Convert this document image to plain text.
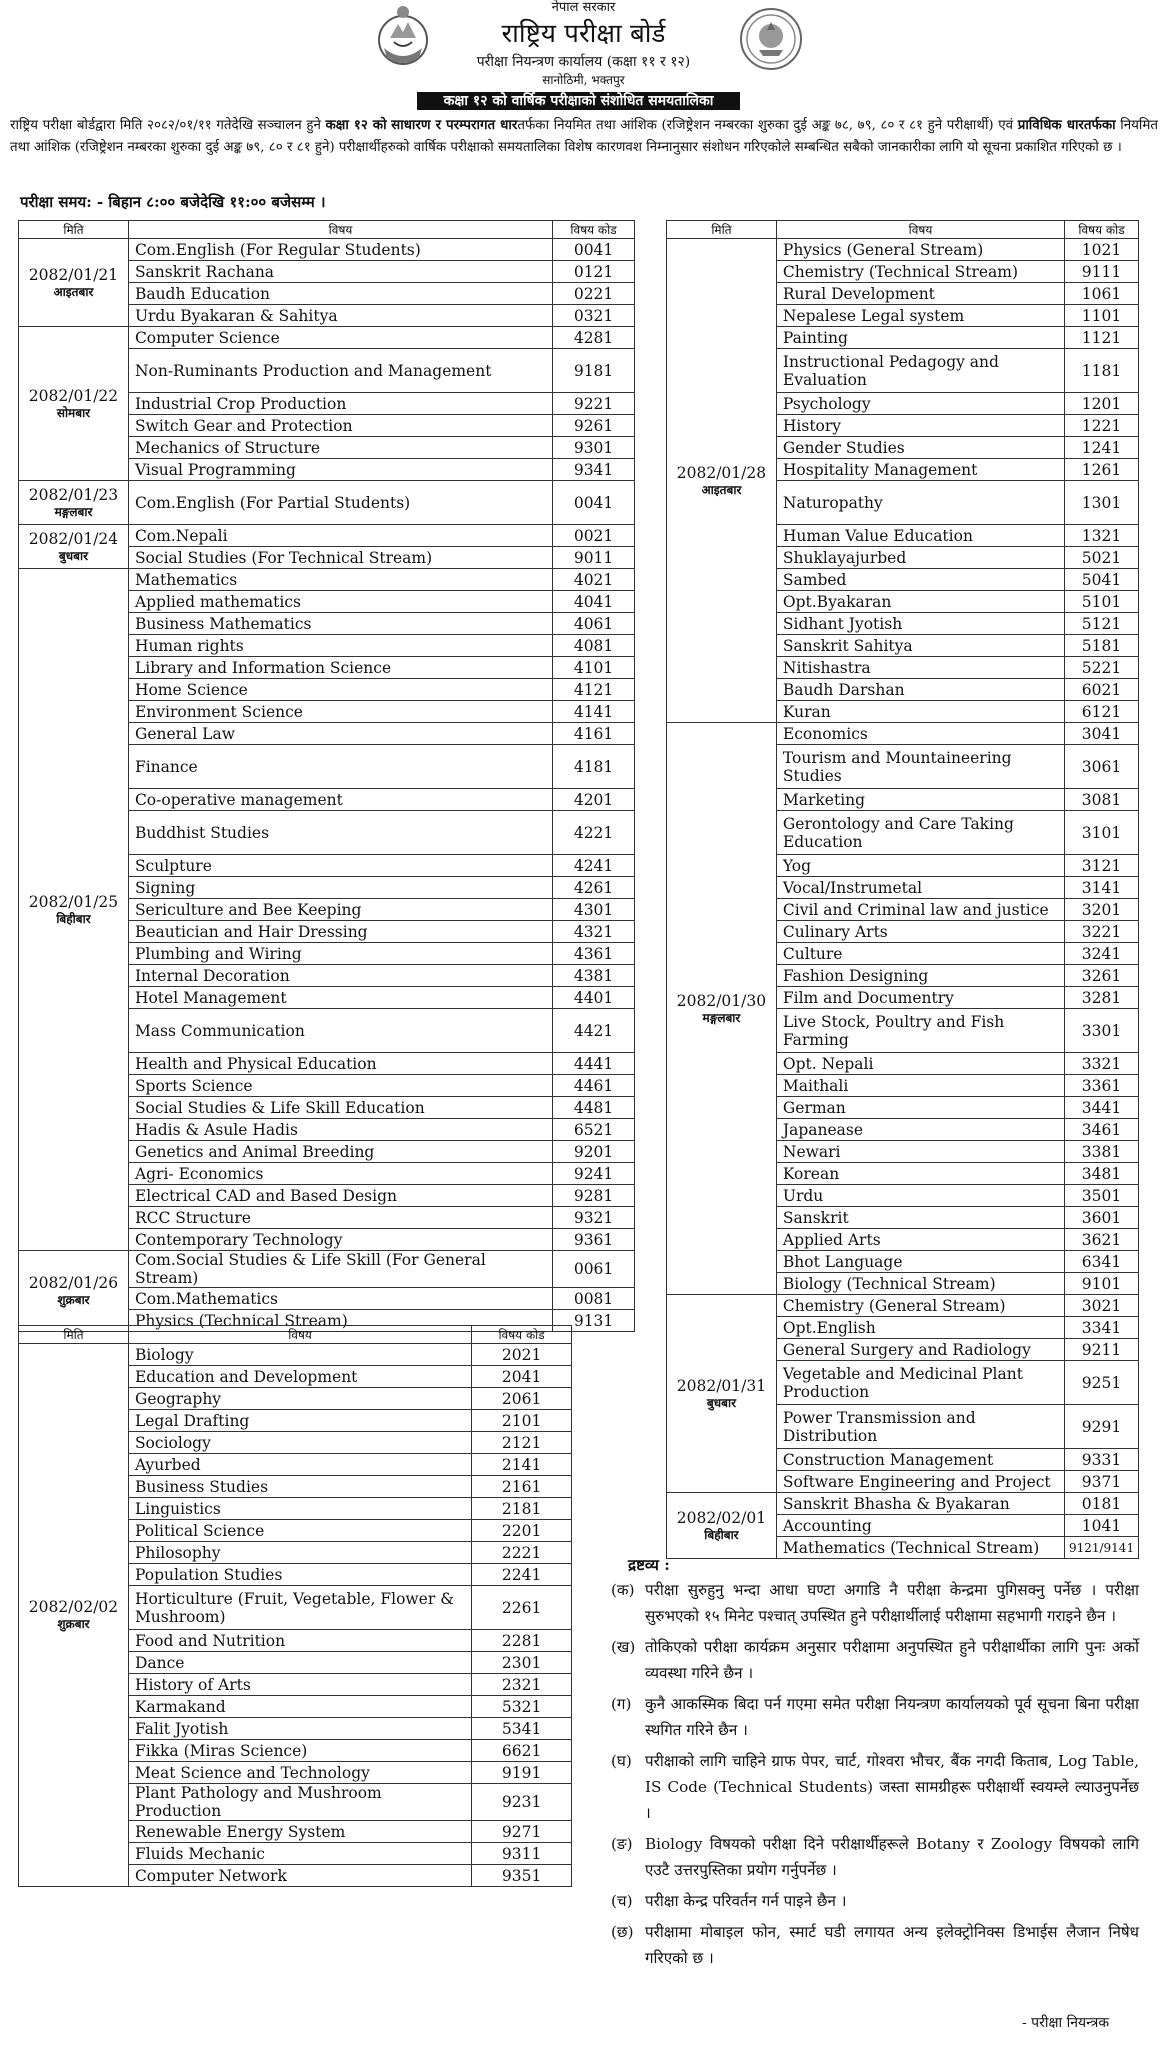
नेपाल सरकार
राष्ट्रिय परीक्षा बोर्ड
परीक्षा नियन्त्रण कार्यालय (कक्षा ११ र १२)
सानोठिमी, भक्तपुर
कक्षा १२ को वार्षिक परीक्षाको संशोधित समयतालिका
राष्ट्रिय परीक्षा बोर्डद्वारा मिति २०८२/०१/११ गतेदेखि सञ्चालन हुने कक्षा १२ को साधारण र परम्परागत धारतर्फका नियमित तथा आंशिक (रजिष्ट्रेशन नम्बरका शुरुका दुई अङ्क ७८, ७९, ८० र ८१ हुने परीक्षार्थी) एवं प्राविधिक धारतर्फका नियमित तथा आंशिक (रजिष्ट्रेशन नम्बरका शुरुका दुई अङ्क ७९, ८० र ८१ हुने) परीक्षार्थीहरुको वार्षिक परीक्षाको समयतालिका विशेष कारणवश निम्नानुसार संशोधन गरिएकोले सम्बन्धित सबैको जानकारीका लागि यो सूचना प्रकाशित गरिएको छ ।
परीक्षा समय: - बिहान ८:०० बजेदेखि ११:०० बजेसम्म ।
मिति	विषय	विषय कोड

2082/01/21
आइतबार	Com.English (For Regular Students)	0041
	Sanskrit Rachana	0121
	Baudh Education	0221
	Urdu Byakaran & Sahitya	0321

2082/01/22
सोमबार	Computer Science	4281
	Non-Ruminants Production and Management	9181
	Industrial Crop Production	9221
	Switch Gear and Protection	9261
	Mechanics of Structure	9301
	Visual Programming	9341

2082/01/23
मङ्गलबार	Com.English (For Partial Students)	0041

2082/01/24
बुधबार	Com.Nepali	0021
	Social Studies (For Technical Stream)	9011

2082/01/25
बिहीबार	Mathematics	4021
	Applied mathematics	4041
	Business Mathematics	4061
	Human rights	4081
	Library and Information Science	4101
	Home Science	4121
	Environment Science	4141
	General Law	4161
	Finance	4181
	Co-operative management	4201
	Buddhist Studies	4221
	Sculpture	4241
	Signing	4261
	Sericulture and Bee Keeping	4301
	Beautician and Hair Dressing	4321
	Plumbing and Wiring	4361
	Internal Decoration	4381
	Hotel Management	4401
	Mass Communication	4421
	Health and Physical Education	4441
	Sports Science	4461
	Social Studies & Life Skill Education	4481
	Hadis & Asule Hadis	6521
	Genetics and Animal Breeding	9201
	Agri- Economics	9241
	Electrical CAD and Based Design	9281
	RCC Structure	9321
	Contemporary Technology	9361

2082/01/26
शुक्रबार	Com.Social Studies & Life Skill (For General Stream)	0061
	Com.Mathematics	0081
	Physics (Technical Stream)	9131
मिति	विषय	विषय कोड

2082/01/28
आइतबार	Physics (General Stream)	1021
	Chemistry (Technical Stream)	9111
	Rural Development	1061
	Nepalese Legal system	1101
	Painting	1121
	Instructional Pedagogy and Evaluation	1181
	Psychology	1201
	History	1221
	Gender Studies	1241
	Hospitality Management	1261
	Naturopathy	1301
	Human Value Education	1321
	Shuklayajurbed	5021
	Sambed	5041
	Opt.Byakaran	5101
	Sidhant Jyotish	5121
	Sanskrit Sahitya	5181
	Nitishastra	5221
	Baudh Darshan	6021
	Kuran	6121

2082/01/30
मङ्गलबार	Economics	3041
	Tourism and Mountaineering Studies	3061
	Marketing	3081
	Gerontology and Care Taking Education	3101
	Yog	3121
	Vocal/Instrumetal	3141
	Civil and Criminal law and justice	3201
	Culinary Arts	3221
	Culture	3241
	Fashion Designing	3261
	Film and Documentry	3281
	Live Stock, Poultry and Fish Farming	3301
	Opt. Nepali	3321
	Maithali	3361
	German	3441
	Japanease	3461
	Newari	3381
	Korean	3481
	Urdu	3501
	Sanskrit	3601
	Applied Arts	3621
	Bhot Language	6341
	Biology (Technical Stream)	9101

2082/01/31
बुधबार	Chemistry (General Stream)	3021
	Opt.English	3341
	General Surgery and Radiology	9211
	Vegetable and Medicinal Plant Production	9251
	Power Transmission and Distribution	9291
	Construction Management	9331
	Software Engineering and Project	9371

2082/02/01
बिहीबार	Sanskrit Bhasha & Byakaran	0181
	Accounting	1041
	Mathematics (Technical Stream)	9121/9141
मिति	विषय	विषय कोड

2082/02/02
शुक्रबार	Biology	2021
	Education and Development	2041
	Geography	2061
	Legal Drafting	2101
	Sociology	2121
	Ayurbed	2141
	Business Studies	2161
	Linguistics	2181
	Political Science	2201
	Philosophy	2221
	Population Studies	2241
	Horticulture (Fruit, Vegetable, Flower & Mushroom)	2261
	Food and Nutrition	2281
	Dance	2301
	History of Arts	2321
	Karmakand	5321
	Falit Jyotish	5341
	Fikka (Miras Science)	6621
	Meat Science and Technology	9191
	Plant Pathology and Mushroom Production	9231
	Renewable Energy System	9271
	Fluids Mechanic	9311
	Computer Network	9351
द्रष्टव्य :
(क) परीक्षा सुरुहुनु भन्दा आधा घण्टा अगाडि नै परीक्षा केन्द्रमा पुगिसक्नु पर्नेछ । परीक्षा सुरुभएको १५ मिनेट पश्चात् उपस्थित हुने परीक्षार्थीलाई परीक्षामा सहभागी गराइने छैन ।
(ख) तोकिएको परीक्षा कार्यक्रम अनुसार परीक्षामा अनुपस्थित हुने परीक्षार्थीका लागि पुनः अर्को व्यवस्था गरिने छैन ।
(ग) कुनै आकस्मिक बिदा पर्न गएमा समेत परीक्षा नियन्त्रण कार्यालयको पूर्व सूचना बिना परीक्षा स्थगित गरिने छैन ।
(घ) परीक्षाको लागि चाहिने ग्राफ पेपर, चार्ट, गोश्वरा भौचर, बैंक नगदी किताब, Log Table, IS Code (Technical Students) जस्ता सामग्रीहरू परीक्षार्थी स्वयम्ले ल्याउनुपर्नेछ ।
(ङ) Biology विषयको परीक्षा दिने परीक्षार्थीहरूले Botany र Zoology विषयको लागि एउटै उत्तरपुस्तिका प्रयोग गर्नुपर्नेछ ।
(च) परीक्षा केन्द्र परिवर्तन गर्न पाइने छैन ।
(छ) परीक्षामा मोबाइल फोन, स्मार्ट घडी लगायत अन्य इलेक्ट्रोनिक्स डिभाईस लैजान निषेध गरिएको छ ।
- परीक्षा नियन्त्रक
